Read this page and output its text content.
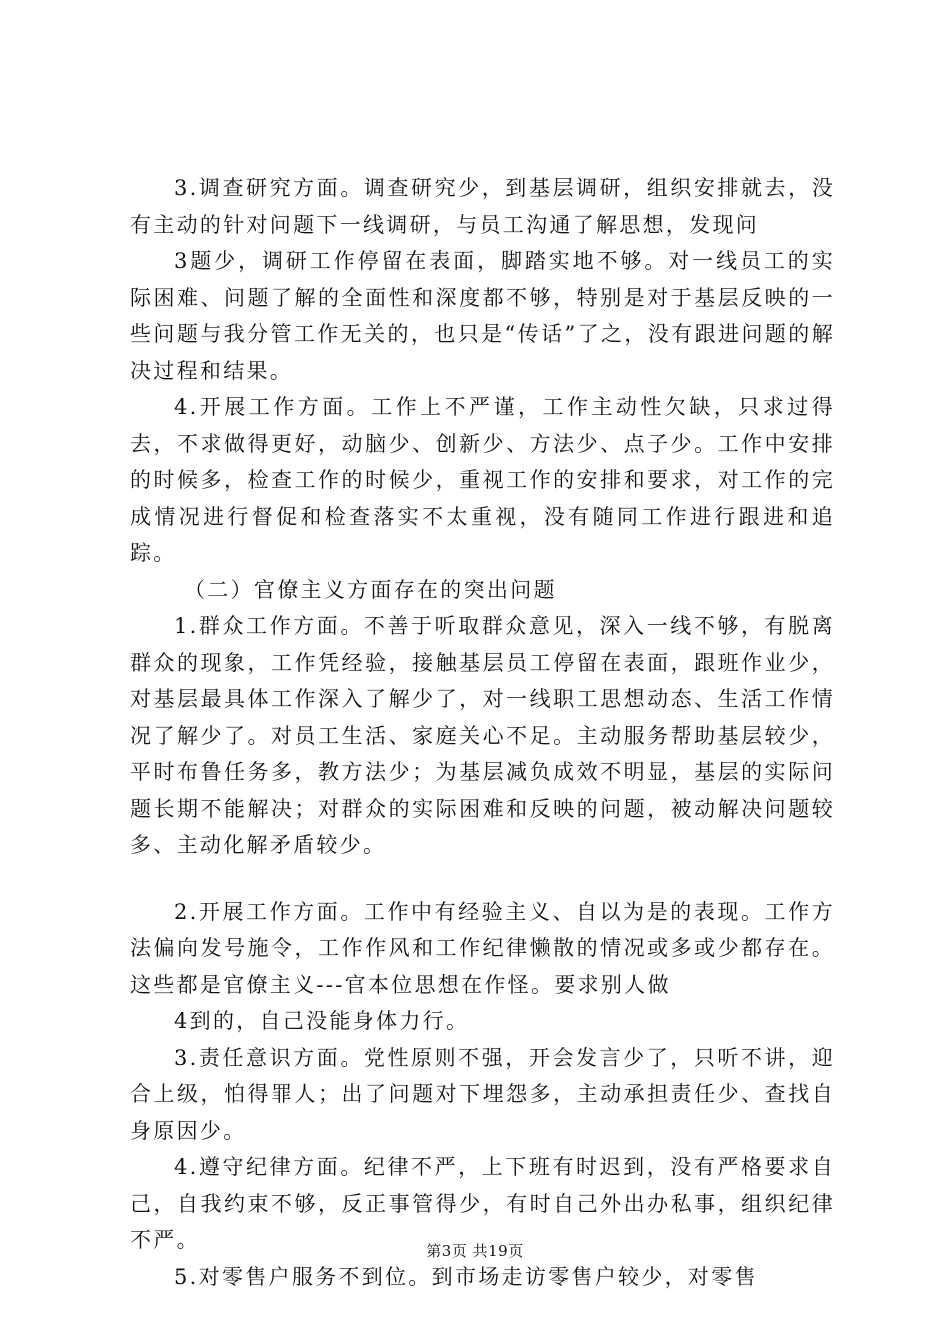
3.调查研究方面。调查研究少，到基层调研，组织安排就去，没有主动的针对问题下一线调研，与员工沟通了解思想，发现问

3题少，调研工作停留在表面，脚踏实地不够。对一线员工的实际困难、问题了解的全面性和深度都不够，特别是对于基层反映的一些问题与我分管工作无关的，也只是“传话”了之，没有跟进问题的解决过程和结果。

4.开展工作方面。工作上不严谨，工作主动性欠缺，只求过得去，不求做得更好，动脑少、创新少、方法少、点子少。工作中安排的时候多，检查工作的时候少，重视工作的安排和要求，对工作的完成情况进行督促和检查落实不太重视，没有随同工作进行跟进和追踪。

（二）官僚主义方面存在的突出问题

1.群众工作方面。不善于听取群众意见，深入一线不够，有脱离群众的现象，工作凭经验，接触基层员工停留在表面，跟班作业少，对基层最具体工作深入了解少了，对一线职工思想动态、生活工作情况了解少了。对员工生活、家庭关心不足。主动服务帮助基层较少，平时布鲁任务多，教方法少；为基层减负成效不明显，基层的实际问题长期不能解决；对群众的实际困难和反映的问题，被动解决问题较多、主动化解矛盾较少。

2.开展工作方面。工作中有经验主义、自以为是的表现。工作方法偏向发号施令，工作作风和工作纪律懒散的情况或多或少都存在。这些都是官僚主义---官本位思想在作怪。要求别人做

4到的，自己没能身体力行。

3.责任意识方面。党性原则不强，开会发言少了，只听不讲，迎合上级，怕得罪人；出了问题对下埋怨多，主动承担责任少、查找自身原因少。

4.遵守纪律方面。纪律不严，上下班有时迟到，没有严格要求自己，自我约束不够，反正事管得少，有时自己外出办私事，组织纪律不严。

5.对零售户服务不到位。到市场走访零售户较少，对零售

第3页 共19页
